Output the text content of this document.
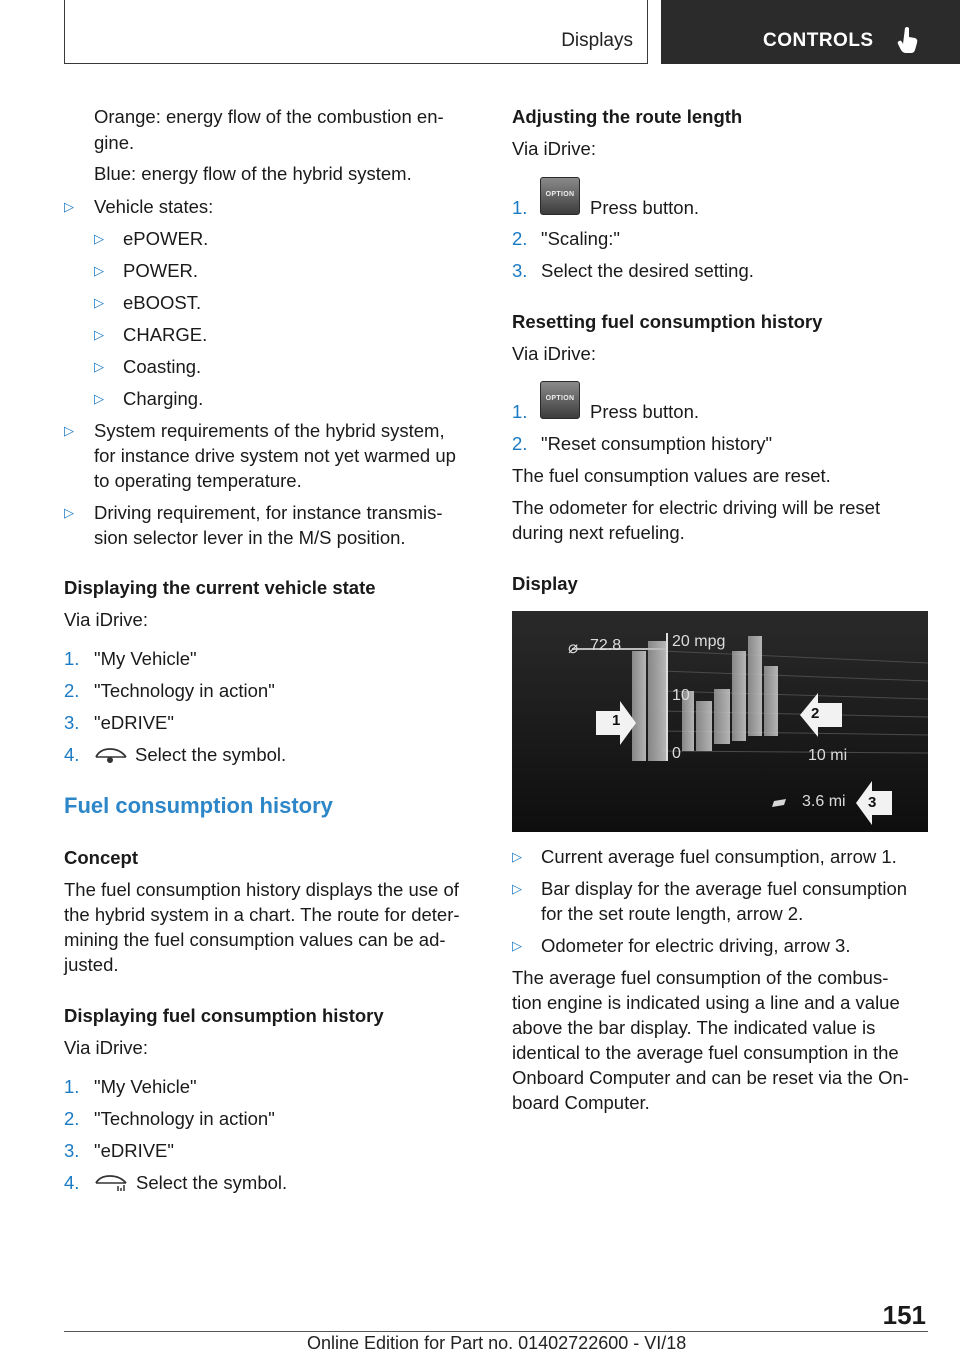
Displays	CONTROLS
Orange: energy flow of the combustion en-
gine.
Blue: energy flow of the hybrid system.
▷ Vehicle states:
▷ ePOWER.
▷ POWER.
▷ eBOOST.
▷ CHARGE.
▷ Coasting.
▷ Charging.
▷ System requirements of the hybrid system,
for instance drive system not yet warmed up
to operating temperature.
▷ Driving requirement, for instance transmis-
sion selector lever in the M/S position.
Displaying the current vehicle state
Via iDrive:
1. "My Vehicle"
2. "Technology in action"
3. "eDRIVE"
4.	Select the symbol.
Fuel consumption history
Concept
The fuel consumption history displays the use of
the hybrid system in a chart. The route for deter-
mining the fuel consumption values can be ad-
justed.
Displaying fuel consumption history
Via iDrive:
1. "My Vehicle"
2. "Technology in action"
3. "eDRIVE"
4.	Select the symbol.
Adjusting the route length
Via iDrive:
1.
OPTION
Press button.
2. "Scaling:"
3. Select the desired setting.
Resetting fuel consumption history
Via iDrive:
1.
OPTION
Press button.
2. "Reset consumption history"
The fuel consumption values are reset.
The odometer for electric driving will be reset
during next refueling.
Display
⌀ 72.8	20 mpg
10
0	10 mi
3.6 mi
1	2
3
▷ Current average fuel consumption, arrow 1.
▷ Bar display for the average fuel consumption
for the set route length, arrow 2.
▷ Odometer for electric driving, arrow 3.
The average fuel consumption of the combus-
tion engine is indicated using a line and a value
above the bar display. The indicated value is
identical to the average fuel consumption in the
Onboard Computer and can be reset via the On-
board Computer.
151
Online Edition for Part no. 01402722600 - VI/18
